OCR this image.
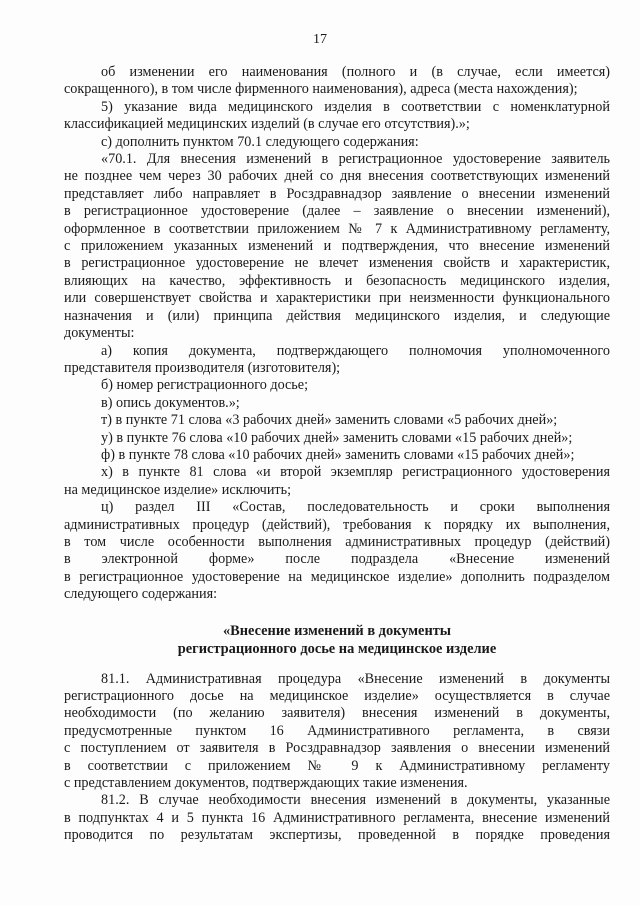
17

об изменении его наименования (полного и (в случае, если имеется)

сокращенного), в том числе фирменного наименования), адреса (места нахождения);

5) указание вида медицинского изделия в соответствии с номенклатурной

классификацией медицинских изделий (в случае его отсутствия).»;

с) дополнить пунктом 70.1 следующего содержания:

«70.1. Для внесения изменений в регистрационное удостоверение заявитель

не позднее чем через 30 рабочих дней со дня внесения соответствующих изменений

представляет либо направляет в Росздравнадзор заявление о внесении изменений

в регистрационное удостоверение (далее – заявление о внесении изменений),

оформленное в соответствии приложением № 7 к Административному регламенту,

с приложением указанных изменений и подтверждения, что внесение изменений

в регистрационное удостоверение не влечет изменения свойств и характеристик,

влияющих на качество, эффективность и безопасность медицинского изделия,

или совершенствует свойства и характеристики при неизменности функционального

назначения и (или) принципа действия медицинского изделия, и следующие

документы:

а) копия документа, подтверждающего полномочия уполномоченного

представителя производителя (изготовителя);

б) номер регистрационного досье;

в) опись документов.»;

т) в пункте 71 слова «3 рабочих дней» заменить словами «5 рабочих дней»;

у) в пункте 76 слова «10 рабочих дней» заменить словами «15 рабочих дней»;

ф) в пункте 78 слова «10 рабочих дней» заменить словами «15 рабочих дней»;

х) в пункте 81 слова «и второй экземпляр регистрационного удостоверения

на медицинское изделие» исключить;

ц) раздел III «Состав, последовательность и сроки выполнения

административных процедур (действий), требования к порядку их выполнения,

в том числе особенности выполнения административных процедур (действий)

в электронной форме» после подраздела «Внесение изменений

в регистрационное удостоверение на медицинское изделие» дополнить подразделом

следующего содержания:

«Внесение изменений в документы

регистрационного досье на медицинское изделие

81.1. Административная процедура «Внесение изменений в документы

регистрационного досье на медицинское изделие» осуществляется в случае

необходимости (по желанию заявителя) внесения изменений в документы,

предусмотренные пунктом 16 Административного регламента, в связи

с поступлением от заявителя в Росздравнадзор заявления о внесении изменений

в соответствии с приложением № 9 к Административному регламенту

с представлением документов, подтверждающих такие изменения.

81.2. В случае необходимости внесения изменений в документы, указанные

в подпунктах 4 и 5 пункта 16 Административного регламента, внесение изменений

проводится по результатам экспертизы, проведенной в порядке проведения
